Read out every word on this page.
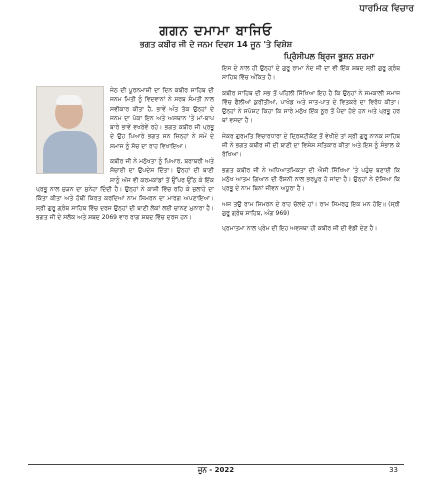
ਧਾਰਮਿਕ ਵਿਚਾਰ
ਗਗਨ ਦਮਾਮਾ ਬਾਜਿਓ
ਭਗਤ ਕਬੀਰ ਜੀ ਦੇ ਜਨਮ ਦਿਵਸ 14 ਜੂਨ 'ਤੇ ਵਿਸ਼ੇਸ਼
ਪ੍ਰਿੰਸੀਪਲ ਬ੍ਰਿਜ ਭੂਸ਼ਨ ਸ਼ਰਮਾ

ਜੇਠ ਦੀ ਪੂਰਨਮਾਸ਼ੀ ਦਾ ਦਿਨ ਕਬੀਰ ਸਾਹਿਬ ਦੀ ਜਨਮ ਮਿਤੀ ਨੂੰ ਵਿਦਵਾਨਾਂ ਨੇ ਸਰਬ ਸੰਮਤੀ ਨਾਲ ਸਵੀਕਾਰ ਕੀਤਾ ਹੈ, ਭਾਵੇਂ ਅੰਤ ਤੱਕ ਉਨ੍ਹਾਂ ਦੇ ਜਨਮ ਦਾ ਪੱਕਾ ਇਨ ਅਤੇ ਅਸਥਾਨ 'ਤੇ ਮਾਂ-ਬਾਪ ਬਾਰੇ ਭਾਵੇਂ ਵਖਰੇਵੇਂ ਰਹੇ। ਭਗਤ ਕਬੀਰ ਜੀ ਪ੍ਰਭੂ ਦੇ ਉਹ ਪਿਆਰੇ ਭਗਤ ਸਨ ਜਿਨ੍ਹਾਂ ਨੇ ਸਮੇਂ ਦੇ ਸਮਾਜ ਨੂੰ ਸੱਚ ਦਾ ਰਾਹ ਵਿਖਾਇਆ।

ਕਬੀਰ ਜੀ ਨੇ ਮਨੁੱਖਤਾ ਨੂੰ ਪਿਆਰ, ਬਰਾਬਰੀ ਅਤੇ ਸੱਚਾਈ ਦਾ ਉਪਦੇਸ਼ ਦਿੱਤਾ। ਉਨ੍ਹਾਂ ਦੀ ਬਾਣੀ ਸਾਨੂੰ ਅੱਜ ਵੀ ਕਰਮਕਾਂਡਾਂ ਤੋਂ ਉੱਪਰ ਉੱਠ ਕੇ ਇੱਕ ਪ੍ਰਭੂ ਨਾਲ ਜੁੜਨ ਦਾ ਸੁਨੇਹਾ ਦਿੰਦੀ ਹੈ। ਉਨ੍ਹਾਂ ਨੇ ਕਾਸ਼ੀ ਵਿੱਚ ਰਹਿ ਕੇ ਜੁਲਾਹੇ ਦਾ ਕਿੱਤਾ ਕੀਤਾ ਅਤੇ ਹੱਥੀਂ ਕਿਰਤ ਕਰਦਿਆਂ ਨਾਮ ਸਿਮਰਨ ਦਾ ਮਾਰਗ ਅਪਣਾਇਆ। ਸ੍ਰੀ ਗੁਰੂ ਗ੍ਰੰਥ ਸਾਹਿਬ ਵਿੱਚ ਦਰਜ ਉਨ੍ਹਾਂ ਦੀ ਬਾਣੀ ਲੋਕਾਂ ਲਈ ਚਾਨਣ ਮੁਨਾਰਾ ਹੈ। ਭਗਤ ਜੀ ਦੇ ਸਲੋਕ ਅਤੇ ਸ਼ਬਦ 2069 ਵਾਰ ਰਾਗ ਸ਼ਬਦ ਵਿੱਚ ਦਰਜ ਹਨ।

ਇਸ ਦੇ ਨਾਲ ਹੀ ਉਨ੍ਹਾਂ ਦੇ ਗੁਰੂ ਰਾਮਾ ਨੰਦ ਜੀ ਦਾ ਵੀ ਇੱਕ ਸ਼ਬਦ ਸ੍ਰੀ ਗੁਰੂ ਗ੍ਰੰਥ ਸਾਹਿਬ ਵਿੱਚ ਅੰਕਿਤ ਹੈ।

ਕਬੀਰ ਸਾਹਿਬ ਦੀ ਸਭ ਤੋਂ ਪਹਿਲੀ ਸਿੱਖਿਆ ਇਹ ਹੈ ਕਿ ਉਨ੍ਹਾਂ ਨੇ ਸਮਕਾਲੀ ਸਮਾਜ ਵਿੱਚ ਫੈਲੀਆਂ ਕੁਰੀਤੀਆਂ, ਪਾਖੰਡ ਅਤੇ ਜਾਤ-ਪਾਤ ਦੇ ਵਿਤਕਰੇ ਦਾ ਵਿਰੋਧ ਕੀਤਾ। ਉਨ੍ਹਾਂ ਨੇ ਸਪੱਸ਼ਟ ਕਿਹਾ ਕਿ ਸਾਰੇ ਮਨੁੱਖ ਇੱਕ ਨੂਰ ਤੋਂ ਪੈਦਾ ਹੋਏ ਹਨ ਅਤੇ ਪ੍ਰਭੂ ਹਰ ਥਾਂ ਵਸਦਾ ਹੈ।

ਜੇਕਰ ਗੁਰਮਤਿ ਵਿਚਾਰਧਾਰਾ ਦੇ ਦ੍ਰਿਸ਼ਟੀਕੋਣ ਤੋਂ ਵੇਖੀਏ ਤਾਂ ਸ੍ਰੀ ਗੁਰੂ ਨਾਨਕ ਸਾਹਿਬ ਜੀ ਨੇ ਭਗਤ ਕਬੀਰ ਜੀ ਦੀ ਬਾਣੀ ਦਾ ਵਿਸ਼ੇਸ਼ ਸਤਿਕਾਰ ਕੀਤਾ ਅਤੇ ਇਸ ਨੂੰ ਸੰਭਾਲ ਕੇ ਰੱਖਿਆ।

ਭਗਤ ਕਬੀਰ ਜੀ ਨੇ ਅਧਿਆਤਮਿਕਤਾ ਦੀ ਐਸੀ ਸਿੱਖਿਆ 'ਤੇ ਪਹੁੰਚ ਬਣਾਈ ਕਿ ਮਨੁੱਖ ਆਤਮ ਗਿਆਨ ਦੀ ਰੌਸ਼ਨੀ ਨਾਲ ਭਰਪੂਰ ਹੋ ਜਾਂਦਾ ਹੈ। ਉਨ੍ਹਾਂ ਨੇ ਦੱਸਿਆ ਕਿ ਪ੍ਰਭੂ ਦੇ ਨਾਮ ਬਿਨਾਂ ਜੀਵਨ ਅਧੂਰਾ ਹੈ।

ਅਜ ਤਉ ਰਾਮ ਸਿਮਰਨ ਦੇ ਰਾਹ ਚੱਲਦੇ ਹਾਂ। ਰਾਮ ਸਿਮਰਹੁ ਇਕ ਮਨ ਹੋਇ॥ (ਸ੍ਰੀ ਗੁਰੂ ਗ੍ਰੰਥ ਸਾਹਿਬ, ਅੰਗ 969)

ਪ੍ਰਮਾਤਮਾ ਨਾਲ ਪ੍ਰੇਮ ਦੀ ਇਹ ਅਵਸਥਾ ਹੀ ਕਬੀਰ ਜੀ ਦੀ ਵੱਡੀ ਦੇਣ ਹੈ।

ਜੂਨ - 2022	33
